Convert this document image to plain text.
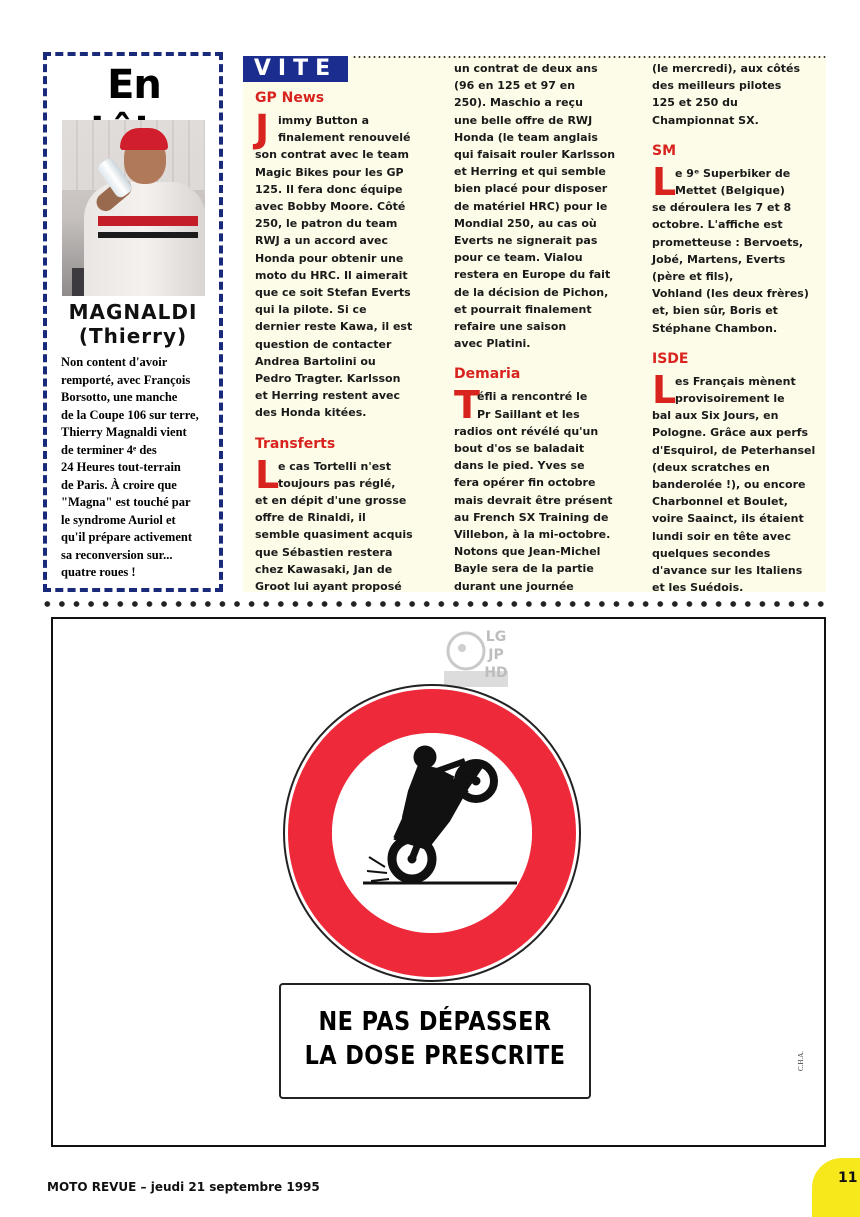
En
MAGNALDI
(Thierry)

Non content d'avoir

remporté, avec François

Borsotto, une manche

de la Coupe 106 sur terre,

Thierry Magnaldi vient

de terminer 4ᵉ des

24 Heures tout-terrain

de Paris. À croire que

"Magna" est touché par

le syndrome Auriol et

qu'il prépare activement

sa reconversion sur...

quatre roues !

VITE
GP News
J immy Button a

finalement renouvelé

son contrat avec le team

Magic Bikes pour les GP

125. Il fera donc équipe

avec Bobby Moore. Côté

250, le patron du team

RWJ a un accord avec

Honda pour obtenir une

moto du HRC. Il aimerait

que ce soit Stefan Everts

qui la pilote. Si ce

dernier reste Kawa, il est

question de contacter

Andrea Bartolini ou

Pedro Tragter. Karlsson

et Herring restent avec

des Honda kitées.

Transferts
L

e cas Tortelli n'est

toujours pas réglé,

et en dépit d'une grosse

offre de Rinaldi, il

semble quasiment acquis

que Sébastien restera

chez Kawasaki, Jan de

Groot lui ayant proposé

un contrat de deux ans

(96 en 125 et 97 en

250). Maschio a reçu

une belle offre de RWJ

Honda (le team anglais

qui faisait rouler Karlsson

et Herring et qui semble

bien placé pour disposer

de matériel HRC) pour le

Mondial 250, au cas où

Everts ne signerait pas

pour ce team. Vialou

restera en Europe du fait

de la décision de Pichon,

et pourrait finalement

refaire une saison

avec Platini.

Demaria
T

éfli a rencontré le

Pr Saillant et les

radios ont révélé qu'un

bout d'os se baladait

dans le pied. Yves se

fera opérer fin octobre

mais devrait être présent

au French SX Training de

Villebon, à la mi-octobre.

Notons que Jean-Michel

Bayle sera de la partie

durant une journée

(le mercredi), aux côtés

des meilleurs pilotes

125 et 250 du

Championnat SX.

SM
L

e 9ᵉ Superbiker de

Mettet (Belgique)

se déroulera les 7 et 8

octobre. L'affiche est

prometteuse : Bervoets,

Jobé, Martens, Everts

(père et fils),

Vohland (les deux frères)

et, bien sûr, Boris et

Stéphane Chambon.

ISDE
L

es Français mènent

provisoirement le

bal aux Six Jours, en

Pologne. Grâce aux perfs

d'Esquirol, de Peterhansel

(deux scratches en

banderolée !), ou encore

Charbonnel et Boulet,

voire Saainct, ils étaient

lundi soir en tête avec

quelques secondes

d'avance sur les Italiens

et les Suédois.

LG
JP
HD
NE PAS DÉPASSER
LA DOSE PRESCRITE	C.H.A.
MOTO REVUE – jeudi 21 septembre 1995
11
